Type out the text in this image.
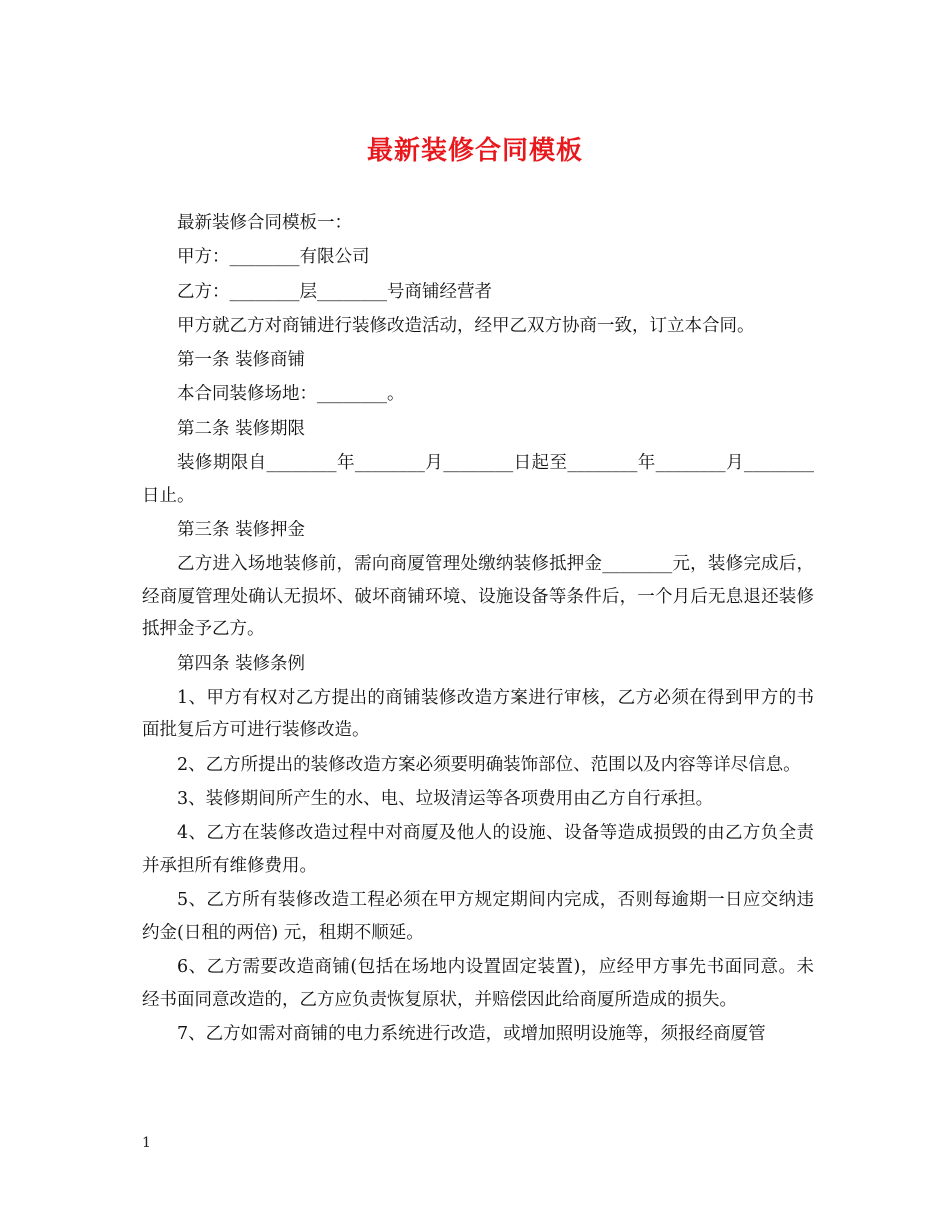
最新装修合同模板

最新装修合同模板一：

甲方：________有限公司

乙方：________层________号商铺经营者

甲方就乙方对商铺进行装修改造活动，经甲乙双方协商一致，订立本合同。

第一条 装修商铺

本合同装修场地：________。

第二条 装修期限

装修期限自________年________月________日起至________年________月________日止。

第三条 装修押金

乙方进入场地装修前，需向商厦管理处缴纳装修抵押金________元，装修完成后，经商厦管理处确认无损坏、破坏商铺环境、设施设备等条件后，一个月后无息退还装修抵押金予乙方。

第四条 装修条例

1、甲方有权对乙方提出的商铺装修改造方案进行审核，乙方必须在得到甲方的书面批复后方可进行装修改造。

2、乙方所提出的装修改造方案必须要明确装饰部位、范围以及内容等详尽信息。

3、装修期间所产生的水、电、垃圾清运等各项费用由乙方自行承担。

4、乙方在装修改造过程中对商厦及他人的设施、设备等造成损毁的由乙方负全责并承担所有维修费用。

5、乙方所有装修改造工程必须在甲方规定期间内完成，否则每逾期一日应交纳违约金(日租的两倍) 元，租期不顺延。

6、乙方需要改造商铺(包括在场地内设置固定装置)，应经甲方事先书面同意。未经书面同意改造的，乙方应负责恢复原状，并赔偿因此给商厦所造成的损失。

7、乙方如需对商铺的电力系统进行改造，或增加照明设施等，须报经商厦管

1
